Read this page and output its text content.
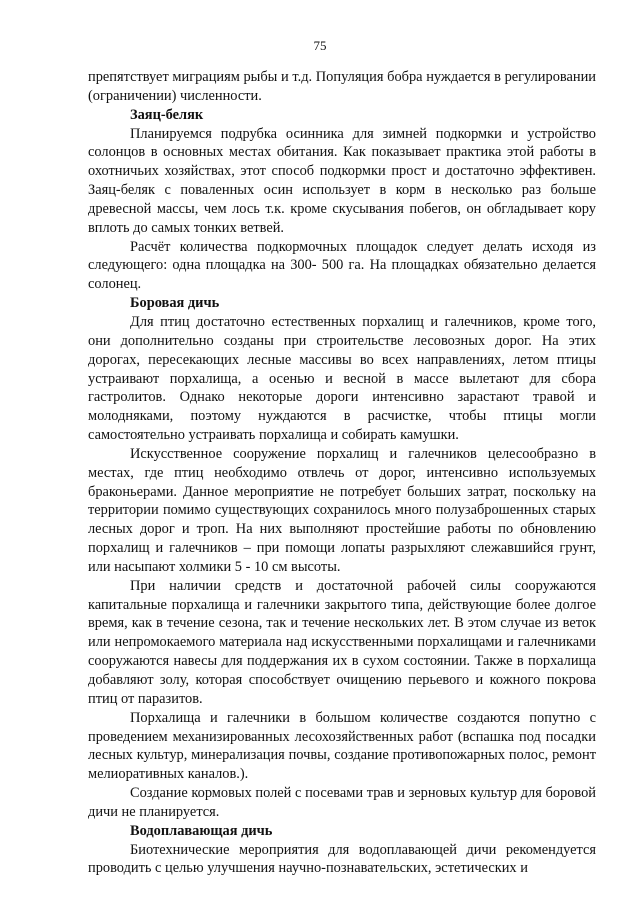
75

препятствует миграциям рыбы и т.д. Популяция бобра нуждается в регулировании (ограничении) численности.

Заяц-беляк

Планируемся подрубка осинника для зимней подкормки и устройство солонцов в основных местах обитания. Как показывает практика этой работы в охотничьих хозяйствах, этот способ подкормки прост и достаточно эффективен. Заяц-беляк с поваленных осин использует в корм в несколько раз больше древесной массы, чем лось т.к. кроме скусывания побегов, он обгладывает кору вплоть до самых тонких ветвей.

Расчёт количества подкормочных площадок следует делать исходя из следующего: одна площадка на 300- 500 га. На площадках обязательно делается солонец.

Боровая дичь

Для птиц достаточно естественных порхалищ и галечников, кроме того, они дополнительно созданы при строительстве лесовозных дорог. На этих дорогах, пересекающих лесные массивы во всех направлениях, летом птицы устраивают порхалища, а осенью и весной в массе вылетают для сбора гастролитов. Однако некоторые дороги интенсивно зарастают травой и молодняками, поэтому нуждаются в расчистке, чтобы птицы могли самостоятельно устраивать порхалища и собирать камушки.

Искусственное сооружение порхалищ и галечников целесообразно в местах, где птиц необходимо отвлечь от дорог, интенсивно используемых браконьерами. Данное мероприятие не потребует больших затрат, поскольку на территории помимо существующих сохранилось много полузаброшенных старых лесных дорог и троп. На них выполняют простейшие работы по обновлению порхалищ и галечников – при помощи лопаты разрыхляют слежавшийся грунт, или насыпают холмики 5 - 10 см высоты.

При наличии средств и достаточной рабочей силы сооружаются капитальные порхалища и галечники закрытого типа, действующие более долгое время, как в течение сезона, так и течение нескольких лет. В этом случае из веток или непромокаемого материала над искусственными порхалищами и галечниками сооружаются навесы для поддержания их в сухом состоянии. Также в порхалища добавляют золу, которая способствует очищению перьевого и кожного покрова птиц от паразитов.

Порхалища и галечники в большом количестве создаются попутно с проведением механизированных лесохозяйственных работ (вспашка под посадки лесных культур, минерализация почвы, создание противопожарных полос, ремонт мелиоративных каналов.).

Создание кормовых полей с посевами трав и зерновых культур для боровой дичи не планируется.

Водоплавающая дичь

Биотехнические мероприятия для водоплавающей дичи рекомендуется проводить с целью улучшения научно-познавательских, эстетических и
